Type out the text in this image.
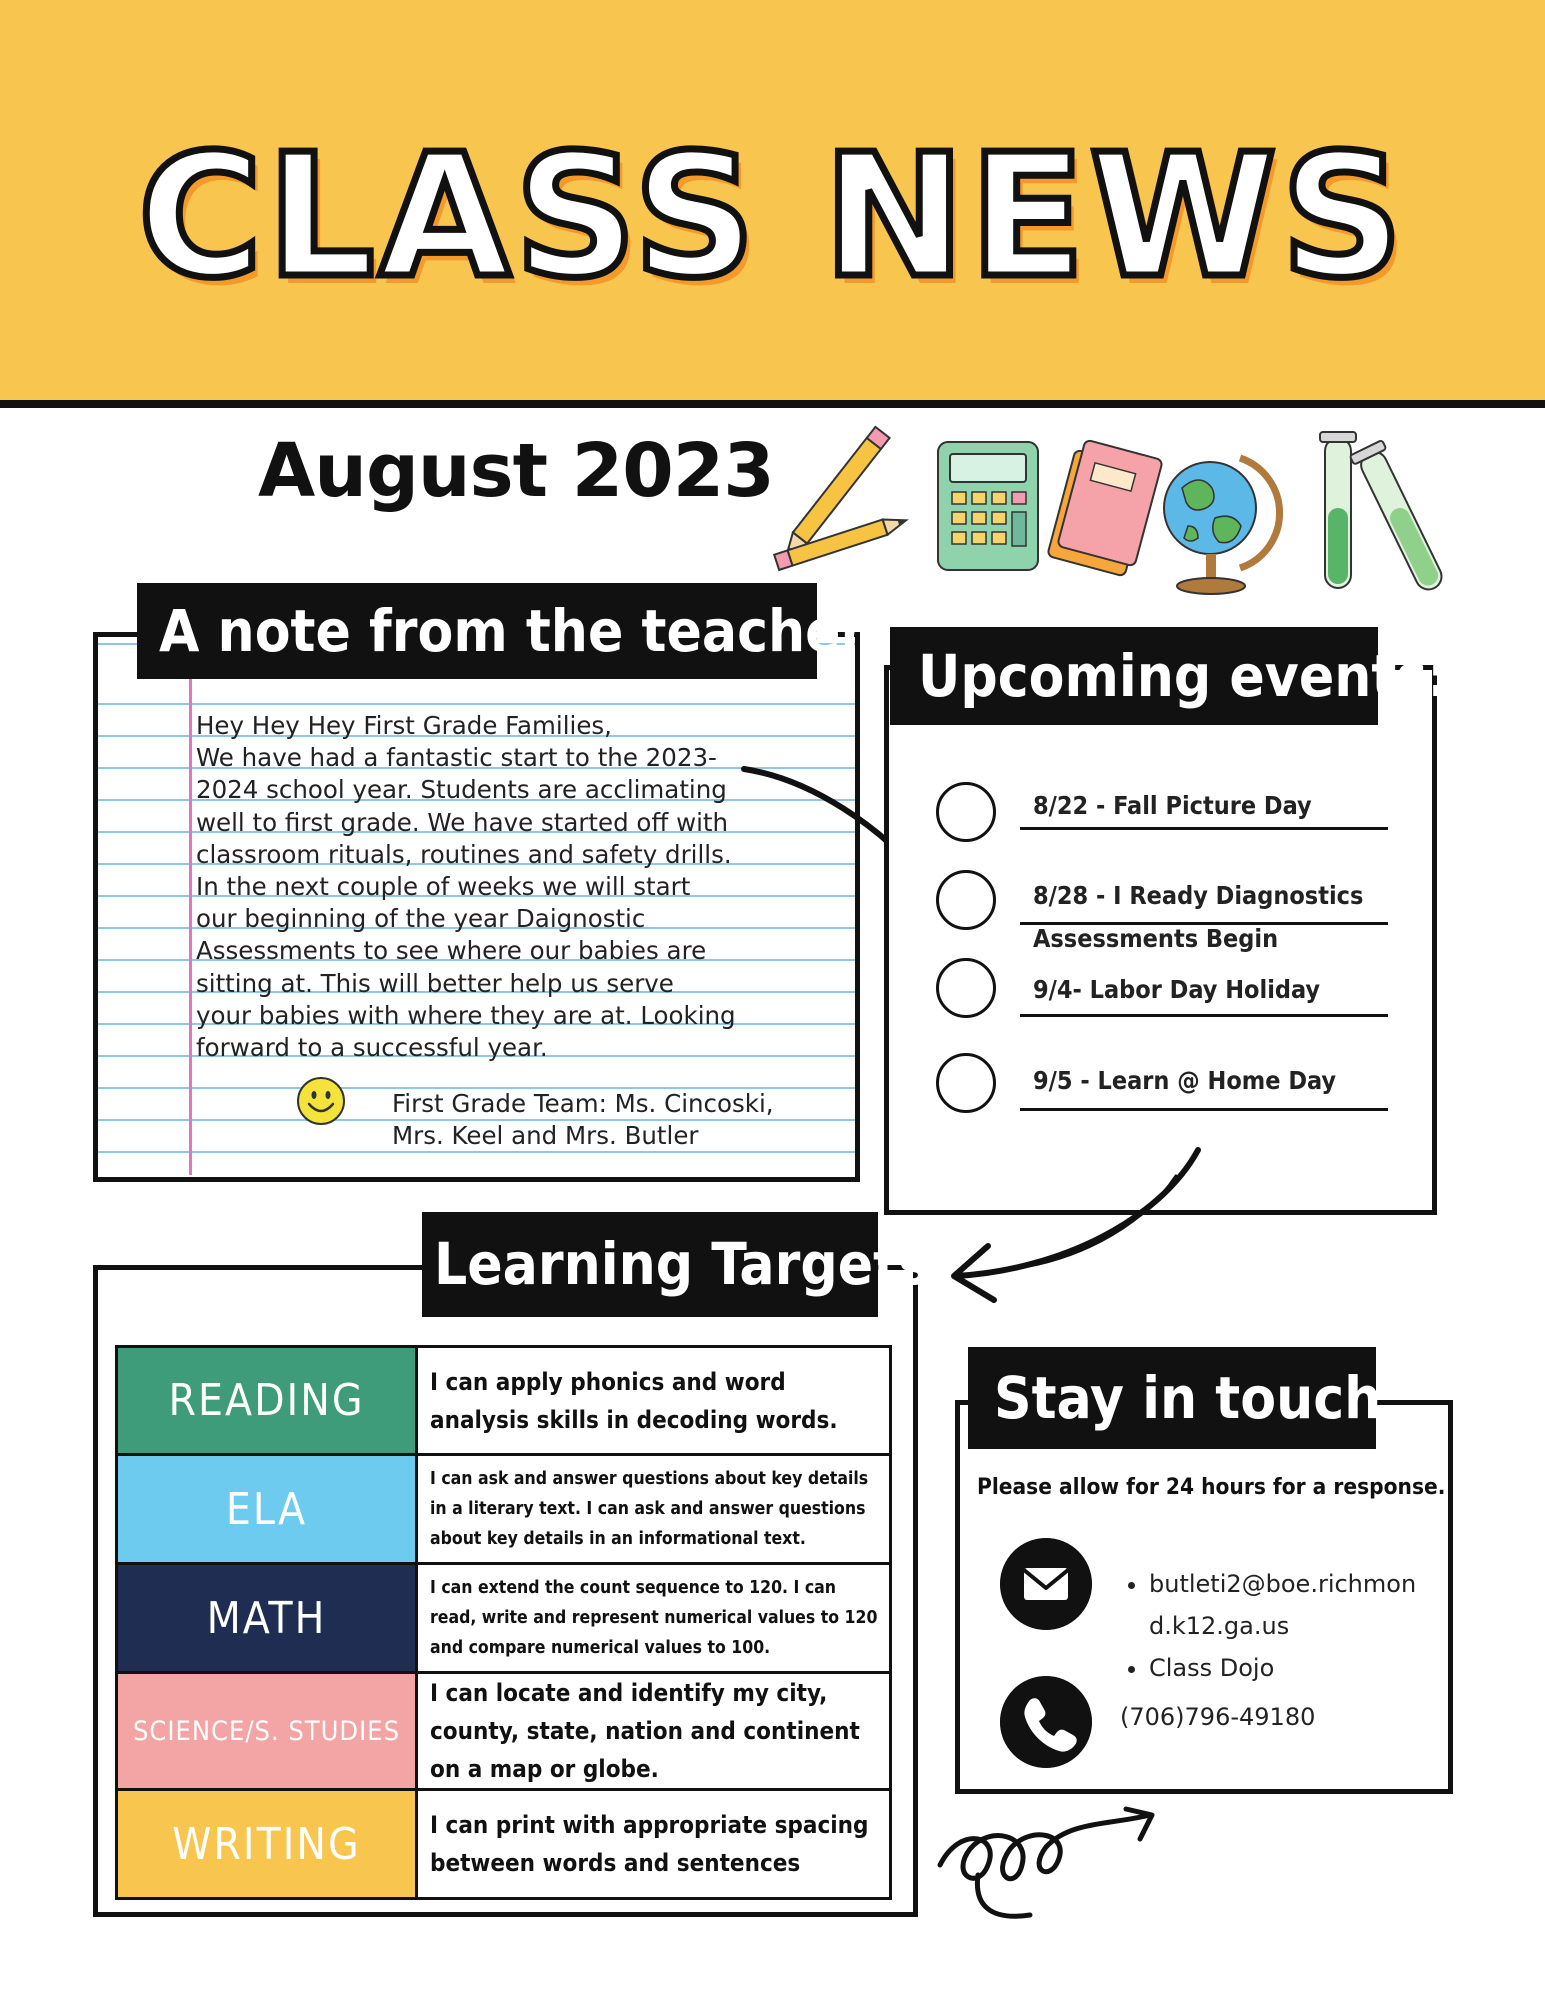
CLASS NEWS
August 2023
A note from the teacher:

Hey Hey Hey First Grade Families,

We have had a fantastic start to the 2023-2024 school year. Students are acclimating well to first grade. We have started off with classroom rituals, routines and safety drills. In the next couple of weeks we will start our beginning of the year Daignostic Assessments to see where our babies are sitting at. This will better help us serve your babies with where they are at. Looking forward to a successful year.

First Grade Team: Ms. Cincoski, Mrs. Keel and Mrs. Butler
Upcoming events:
8/22 - Fall Picture Day
8/28 - I Ready Diagnostics
Assessments Begin
9/4- Labor Day Holiday
9/5 - Learn @ Home Day
Learning Targets:
READING	I can apply phonics and word analysis skills in decoding words.
ELA	I can ask and answer questions about key details in a literary text. I can ask and answer questions about key details in an informational text.
MATH	I can extend the count sequence to 120. I can read, write and represent numerical values to 120 and compare numerical values to 100.
SCIENCE/S. STUDIES	I can locate and identify my city, county, state, nation and continent on a map or globe.
WRITING	I can print with appropriate spacing between words and sentences
Stay in touch :
Please allow for 24 hours for a response.
• butleti2@boe.richmon
d.k12.ga.us
• Class Dojo
(706)796-49180
